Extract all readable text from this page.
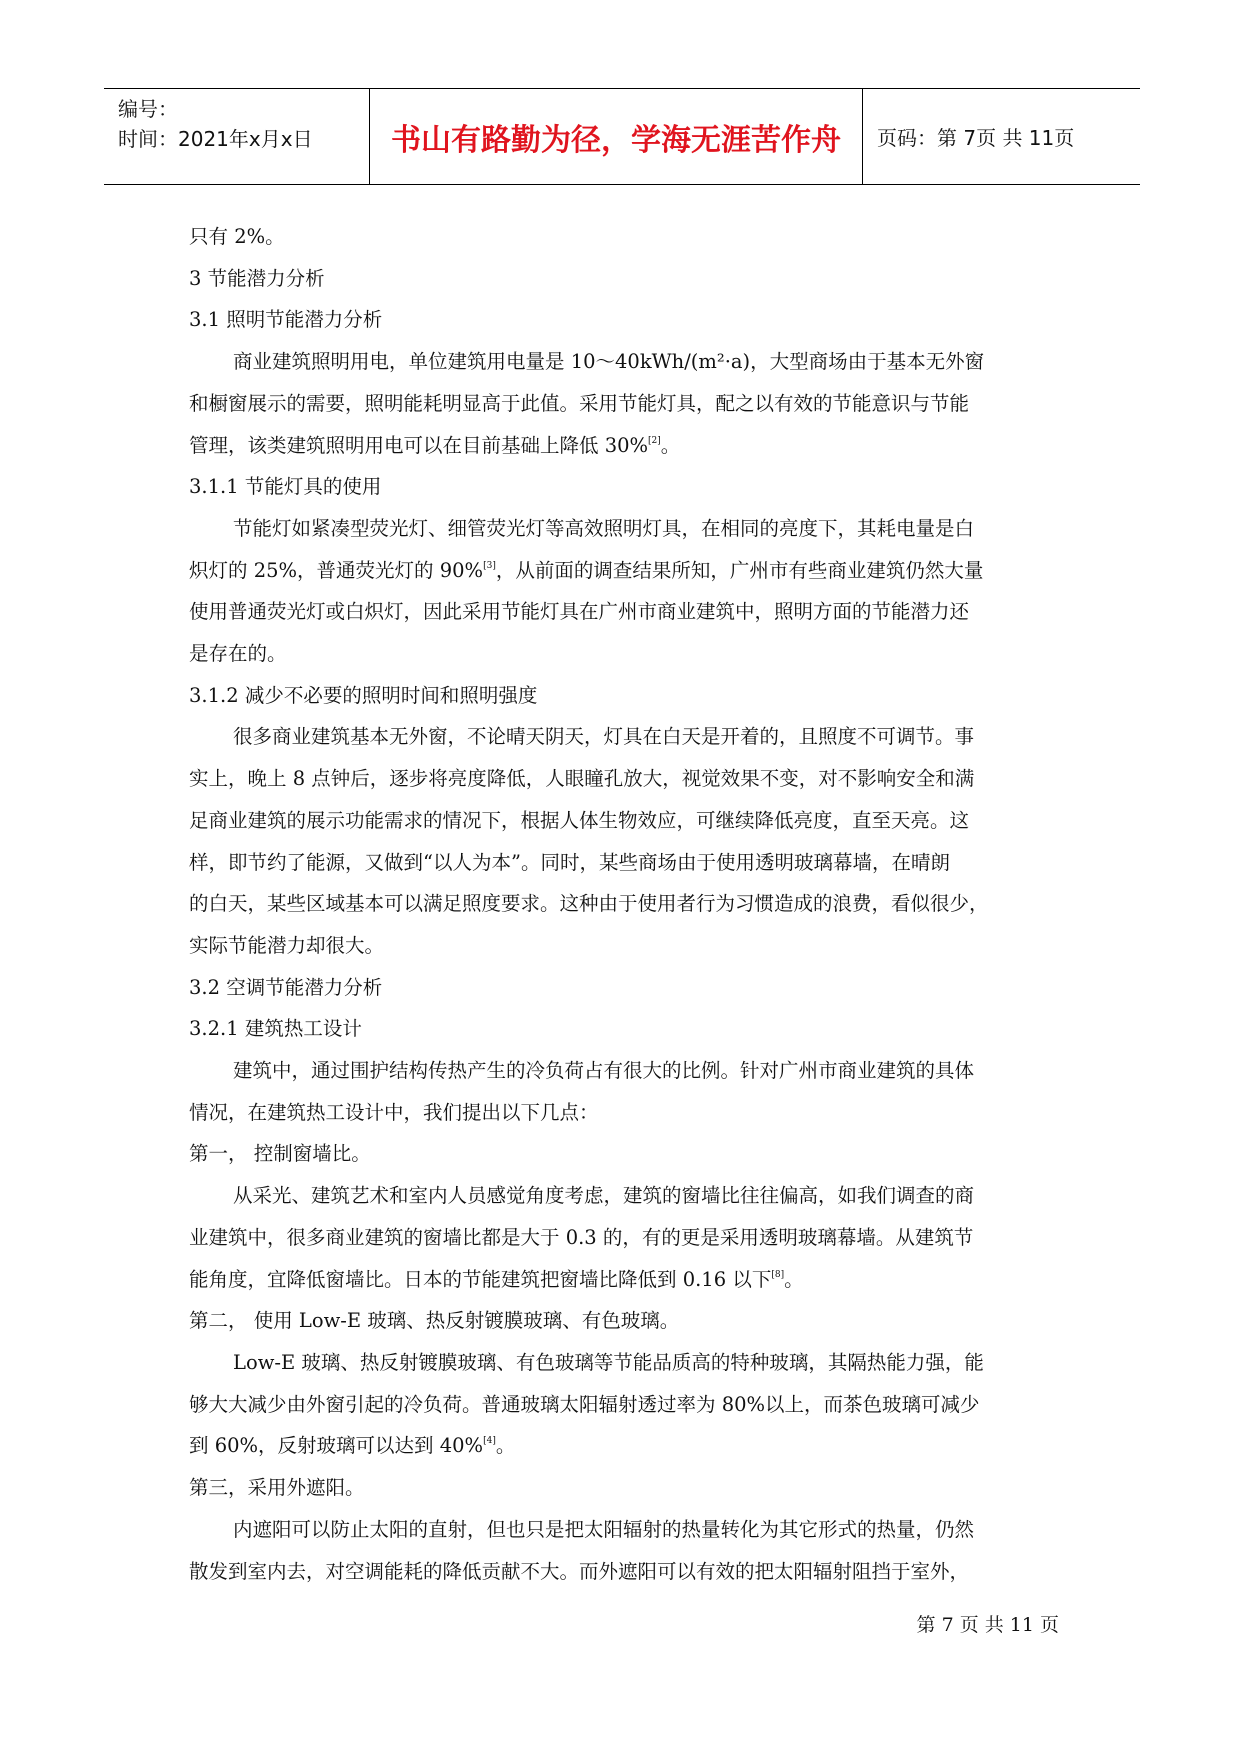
编号：
时间：2021年x月x日	书山有路勤为径，学海无涯苦作舟	页码：第 7页 共 11页
只有 2%。
3 节能潜力分析
3.1 照明节能潜力分析
商业建筑照明用电，单位建筑用电量是 10～40kWh/(m²·a)，大型商场由于基本无外窗
和橱窗展示的需要，照明能耗明显高于此值。采用节能灯具，配之以有效的节能意识与节能
管理，该类建筑照明用电可以在目前基础上降低 30%[2]。
3.1.1 节能灯具的使用
节能灯如紧凑型荧光灯、细管荧光灯等高效照明灯具，在相同的亮度下，其耗电量是白
炽灯的 25%，普通荧光灯的 90%[3]，从前面的调查结果所知，广州市有些商业建筑仍然大量
使用普通荧光灯或白炽灯，因此采用节能灯具在广州市商业建筑中，照明方面的节能潜力还
是存在的。
3.1.2 减少不必要的照明时间和照明强度
很多商业建筑基本无外窗，不论晴天阴天，灯具在白天是开着的，且照度不可调节。事
实上，晚上 8 点钟后，逐步将亮度降低，人眼瞳孔放大，视觉效果不变，对不影响安全和满
足商业建筑的展示功能需求的情况下，根据人体生物效应，可继续降低亮度，直至天亮。这
样，即节约了能源，又做到“以人为本”。同时，某些商场由于使用透明玻璃幕墙，在晴朗
的白天，某些区域基本可以满足照度要求。这种由于使用者行为习惯造成的浪费，看似很少，
实际节能潜力却很大。
3.2 空调节能潜力分析
3.2.1 建筑热工设计
建筑中，通过围护结构传热产生的冷负荷占有很大的比例。针对广州市商业建筑的具体
情况，在建筑热工设计中，我们提出以下几点：
第一， 控制窗墙比。
从采光、建筑艺术和室内人员感觉角度考虑，建筑的窗墙比往往偏高，如我们调查的商
业建筑中，很多商业建筑的窗墙比都是大于 0.3 的，有的更是采用透明玻璃幕墙。从建筑节
能角度，宜降低窗墙比。日本的节能建筑把窗墙比降低到 0.16 以下[8]。
第二， 使用 Low-E 玻璃、热反射镀膜玻璃、有色玻璃。
Low-E 玻璃、热反射镀膜玻璃、有色玻璃等节能品质高的特种玻璃，其隔热能力强，能
够大大减少由外窗引起的冷负荷。普通玻璃太阳辐射透过率为 80%以上，而茶色玻璃可减少
到 60%，反射玻璃可以达到 40%[4]。
第三，采用外遮阳。
内遮阳可以防止太阳的直射，但也只是把太阳辐射的热量转化为其它形式的热量，仍然
散发到室内去，对空调能耗的降低贡献不大。而外遮阳可以有效的把太阳辐射阻挡于室外，
第 7 页 共 11 页
